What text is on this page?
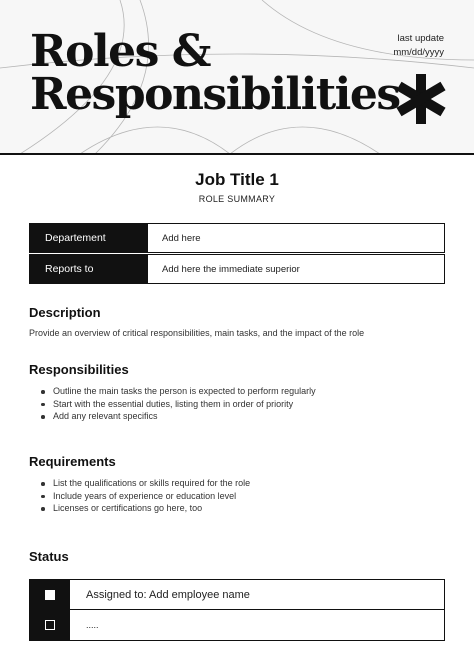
Roles &
Responsibilities
last update
mm/dd/yyyy
Job Title 1
ROLE SUMMARY
Departement	Add here
Reports to	Add here the immediate superior
Description
Provide an overview of critical responsibilities, main tasks, and the impact of the role
Responsibilities
Outline the main tasks the person is expected to perform regularly
Start with the essential duties, listing them in order of priority
Add any relevant specifics
Requirements
List the qualifications or skills required for the role
Include years of experience or education level
Licenses or certifications go here, too
Status
Assigned to: Add employee name
.....
